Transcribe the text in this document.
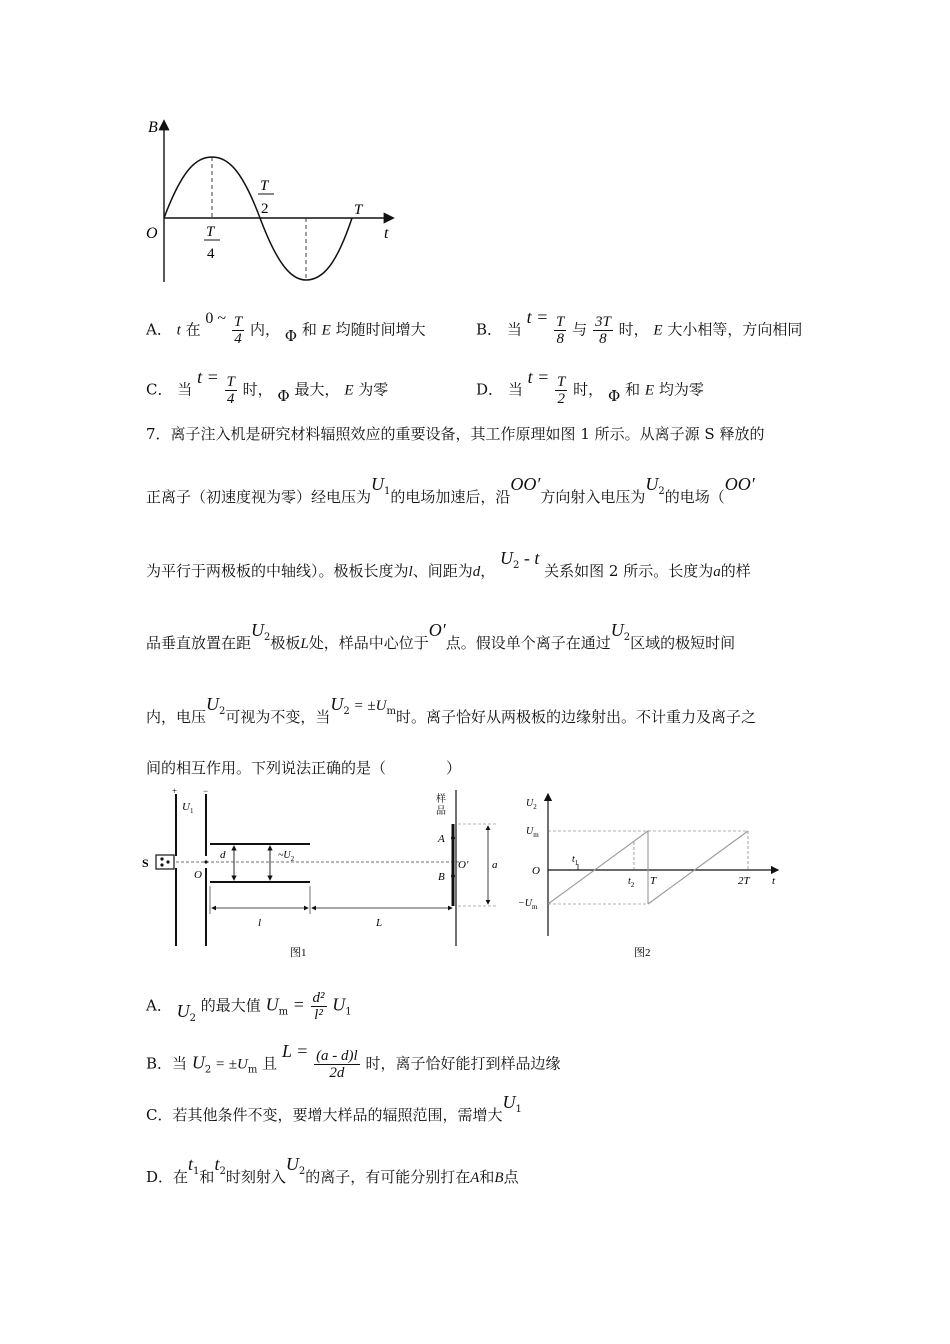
B
t
O	T
4
T
2	T
A． t 在 0 ~ $\frac{T}{4}$ 内， Φ 和 E 均随时间增大	B． 当 $t = \frac{T}{8}$ 与 $\frac{3T}{8}$ 时， E 大小相等，方向相同
C． 当 $t = \frac{T}{4}$ 时， Φ 最大， E 为零	D． 当 $t = \frac{T}{2}$ 时， Φ 和 E 均为零
7．离子注入机是研究材料辐照效应的重要设备，其工作原理如图 1 所示。从离子源 S 释放的
正离子（初速度视为零）经电压为$U^1$的电场加速后，沿OO′方向射入电压为$U^2$的电场（OO′
为平行于两极板的中轴线）。极板长度为l、间距为d， $U^2$ - t 关系如图 2 所示。长度为a的样
品垂直放置在距$U^2$极板L处，样品中心位于O′点。假设单个离子在通过$U^2$区域的极短时间
内，电压$U^2$可视为不变，当$U^2 = \pm U^m$时。离子恰好从两极板的边缘射出。不计重力及离子之
间的相互作用。下列说法正确的是（　　　　）
+	−
$U_1$
S
O
d	$\sim U_2$
l	L
样
品
A
B
O′ a
图1
$U_2$
$U_m$
$-U_m$
O
$t_1$
$t_2$ T	2T t
图2
A． $U_2$ 的最大值 $U_m = \frac{\text{d²}}{\text{l²}} U_1$
B．当 $U_2 = \pm U_m$ 且 $L = \frac{(a - d)l}{2d}$ 时，离子恰好能打到样品边缘
C．若其他条件不变，要增大样品的辐照范围，需增大$U^1$
D．在$t^1$和$t^2$时刻射入$U^2$的离子，有可能分别打在A和B点
